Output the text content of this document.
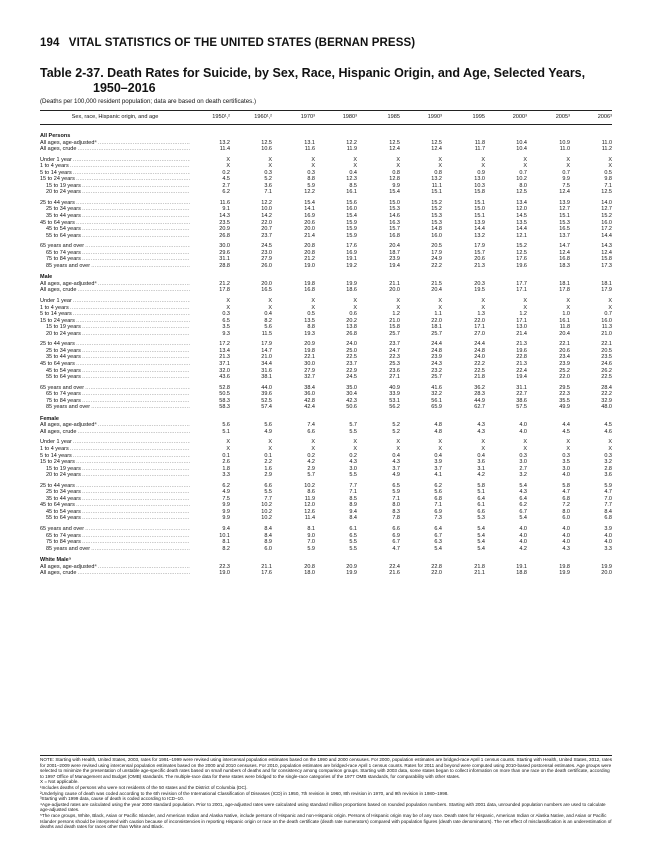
194 VITAL STATISTICS OF THE UNITED STATES (BERNAN PRESS)
Table 2-37. Death Rates for Suicide, by Sex, Race, Hispanic Origin, and Age, Selected Years,
1950–2016
(Deaths per 100,000 resident population; data are based on death certificates.)
Sex, race, Hispanic origin, and age	1950¹,²	1960¹,²	1970³	1980³	1985	1990³	1995	2000³	2005³	2006³
All Persons
All ages, age-adjusted⁴ ……………………………………………………………………………	13.2	12.5	13.1	12.2	12.5	12.5	11.8	10.4	10.9	11.0
All ages, crude ……………………………………………………………………………	11.4	10.6	11.6	11.9	12.4	12.4	11.7	10.4	11.0	11.2
Under 1 year ……………………………………………………………………………	X	X	X	X	X	X	X	X	X	X
1 to 4 years ……………………………………………………………………………	X	X	X	X	X	X	X	X	X	X
5 to 14 years ……………………………………………………………………………	0.2	0.3	0.3	0.4	0.8	0.8	0.9	0.7	0.7	0.5
15 to 24 years ……………………………………………………………………………	4.5	5.2	8.8	12.3	12.8	13.2	13.0	10.2	9.9	9.8
15 to 19 years ……………………………………………………………………………	2.7	3.6	5.9	8.5	9.9	11.1	10.3	8.0	7.5	7.1
20 to 24 years ……………………………………………………………………………	6.2	7.1	12.2	16.1	15.4	15.1	15.8	12.5	12.4	12.5
25 to 44 years ……………………………………………………………………………	11.6	12.2	15.4	15.6	15.0	15.2	15.1	13.4	13.9	14.0
25 to 34 years ……………………………………………………………………………	9.1	10.0	14.1	16.0	15.3	15.2	15.0	12.0	12.7	12.7
35 to 44 years ……………………………………………………………………………	14.3	14.2	16.9	15.4	14.6	15.3	15.1	14.5	15.1	15.2
45 to 64 years ……………………………………………………………………………	23.5	22.0	20.6	15.9	16.3	15.3	13.9	13.5	15.3	16.0
45 to 54 years ……………………………………………………………………………	20.9	20.7	20.0	15.9	15.7	14.8	14.4	14.4	16.5	17.2
55 to 64 years ……………………………………………………………………………	26.8	23.7	21.4	15.9	16.8	16.0	13.2	12.1	13.7	14.4
65 years and over ……………………………………………………………………………	30.0	24.5	20.8	17.6	20.4	20.5	17.9	15.2	14.7	14.3
65 to 74 years ……………………………………………………………………………	29.6	23.0	20.8	16.9	18.7	17.9	15.7	12.5	12.4	12.4
75 to 84 years ……………………………………………………………………………	31.1	27.9	21.2	19.1	23.9	24.9	20.6	17.6	16.8	15.8
85 years and over ……………………………………………………………………………	28.8	26.0	19.0	19.2	19.4	22.2	21.3	19.6	18.3	17.3
Male
All ages, age-adjusted⁴ ……………………………………………………………………………	21.2	20.0	19.8	19.9	21.1	21.5	20.3	17.7	18.1	18.1
All ages, crude ……………………………………………………………………………	17.8	16.5	16.8	18.6	20.0	20.4	19.5	17.1	17.8	17.9
Under 1 year ……………………………………………………………………………	X	X	X	X	X	X	X	X	X	X
1 to 4 years ……………………………………………………………………………	X	X	X	X	X	X	X	X	X	X
5 to 14 years ……………………………………………………………………………	0.3	0.4	0.5	0.6	1.2	1.1	1.3	1.2	1.0	0.7
15 to 24 years ……………………………………………………………………………	6.5	8.2	13.5	20.2	21.0	22.0	22.0	17.1	16.1	16.0
15 to 19 years ……………………………………………………………………………	3.5	5.6	8.8	13.8	15.8	18.1	17.1	13.0	11.8	11.3
20 to 24 years ……………………………………………………………………………	9.3	11.5	19.3	26.8	25.7	25.7	27.0	21.4	20.4	21.0
25 to 44 years ……………………………………………………………………………	17.2	17.9	20.9	24.0	23.7	24.4	24.4	21.3	22.1	22.1
25 to 34 years ……………………………………………………………………………	13.4	14.7	19.8	25.0	24.7	24.8	24.8	19.6	20.6	20.5
35 to 44 years ……………………………………………………………………………	21.3	21.0	22.1	22.5	22.3	23.9	24.0	22.8	23.4	23.5
45 to 64 years ……………………………………………………………………………	37.1	34.4	30.0	23.7	25.3	24.3	22.2	21.3	23.9	24.6
45 to 54 years ……………………………………………………………………………	32.0	31.6	27.9	22.9	23.6	23.2	22.5	22.4	25.2	26.2
55 to 64 years ……………………………………………………………………………	43.6	38.1	32.7	24.5	27.1	25.7	21.8	19.4	22.0	22.5
65 years and over ……………………………………………………………………………	52.8	44.0	38.4	35.0	40.9	41.6	36.2	31.1	29.5	28.4
65 to 74 years ……………………………………………………………………………	50.5	39.6	36.0	30.4	33.9	32.2	28.3	22.7	22.3	22.2
75 to 84 years ……………………………………………………………………………	58.3	52.5	42.8	42.3	53.1	56.1	44.9	38.6	35.5	32.9
85 years and over ……………………………………………………………………………	58.3	57.4	42.4	50.6	56.2	65.9	62.7	57.5	49.9	48.0
Female
All ages, age-adjusted⁴ ……………………………………………………………………………	5.6	5.6	7.4	5.7	5.2	4.8	4.3	4.0	4.4	4.5
All ages, crude ……………………………………………………………………………	5.1	4.9	6.6	5.5	5.2	4.8	4.3	4.0	4.5	4.6
Under 1 year ……………………………………………………………………………	X	X	X	X	X	X	X	X	X	X
1 to 4 years ……………………………………………………………………………	X	X	X	X	X	X	X	X	X	X
5 to 14 years ……………………………………………………………………………	0.1	0.1	0.2	0.2	0.4	0.4	0.4	0.3	0.3	0.3
15 to 24 years ……………………………………………………………………………	2.6	2.2	4.2	4.3	4.3	3.9	3.6	3.0	3.5	3.2
15 to 19 years ……………………………………………………………………………	1.8	1.6	2.9	3.0	3.7	3.7	3.1	2.7	3.0	2.8
20 to 24 years ……………………………………………………………………………	3.3	2.9	5.7	5.5	4.9	4.1	4.2	3.2	4.0	3.6
25 to 44 years ……………………………………………………………………………	6.2	6.6	10.2	7.7	6.5	6.2	5.8	5.4	5.8	5.9
25 to 34 years ……………………………………………………………………………	4.9	5.5	8.6	7.1	5.9	5.6	5.1	4.3	4.7	4.7
35 to 44 years ……………………………………………………………………………	7.5	7.7	11.9	8.5	7.1	6.8	6.4	6.4	6.8	7.0
45 to 64 years ……………………………………………………………………………	9.9	10.2	12.0	8.9	8.0	7.1	6.1	6.2	7.2	7.7
45 to 54 years ……………………………………………………………………………	9.9	10.2	12.6	9.4	8.3	6.9	6.6	6.7	8.0	8.4
55 to 64 years ……………………………………………………………………………	9.9	10.2	11.4	8.4	7.8	7.3	5.3	5.4	6.0	6.8
65 years and over ……………………………………………………………………………	9.4	8.4	8.1	6.1	6.6	6.4	5.4	4.0	4.0	3.9
65 to 74 years ……………………………………………………………………………	10.1	8.4	9.0	6.5	6.9	6.7	5.4	4.0	4.0	4.0
75 to 84 years ……………………………………………………………………………	8.1	8.9	7.0	5.5	6.7	6.3	5.4	4.0	4.0	4.0
85 years and over ……………………………………………………………………………	8.2	6.0	5.9	5.5	4.7	5.4	5.4	4.2	4.3	3.3
White Male⁵
All ages, age-adjusted⁴ ……………………………………………………………………………	22.3	21.1	20.8	20.9	22.4	22.8	21.8	19.1	19.8	19.9
All ages, crude ……………………………………………………………………………	19.0	17.6	18.0	19.9	21.6	22.0	21.1	18.8	19.9	20.0

NOTE: Starting with Health, United States, 2003, rates for 1991–1999 were revised using intercensal population estimates based on the 1990 and 2000 censuses. For 2000, population estimates are bridged-race April 1 census counts. Starting with Health, United States, 2012, rates for 2001–2009 were revised using intercensal population estimates based on the 2000 and 2010 censuses. For 2010, population estimates are bridged-race April 1 census counts. Rates for 2011 and beyond were computed using 2010-based postcensal estimates. Age groups were selected to minimize the presentation of unstable age-specific death rates based on small numbers of deaths and for consistency among comparison groups. Starting with 2003 data, some states began to collect information on more than one race on the death certificate, according to 1997 Office of Management and Budget (OMB) standards. The multiple-race data for these states were bridged to the single-race categories of the 1977 OMB standards, for comparability with other states.

X = Not applicable.

¹Includes deaths of persons who were not residents of the 50 states and the District of Columbia (DC).

²Underlying cause of death was coded according to the 6th revision of the International Classification of Diseases (ICD) in 1950, 7th revision in 1960, 8th revision in 1970, and 9th revision in 1980–1998.

³Starting with 1999 data, cause of death is coded according to ICD–10.

⁴Age-adjusted rates are calculated using the year 2000 standard population. Prior to 2001, age-adjusted rates were calculated using standard million proportions based on rounded population numbers. Starting with 2001 data, unrounded population numbers are used to calculate age-adjusted rates.

⁵The race groups, White, Black, Asian or Pacific Islander, and American Indian and Alaska Native, include persons of Hispanic and non-Hispanic origin. Persons of Hispanic origin may be of any race. Death rates for Hispanic, American Indian or Alaska Native, and Asian or Pacific Islander persons should be interpreted with caution because of inconsistencies in reporting Hispanic origin or race on the death certificate (death rate numerators) compared with population figures (death rate denominators). The net effect of misclassification is an underestimation of deaths and death rates for races other than White and Black.
